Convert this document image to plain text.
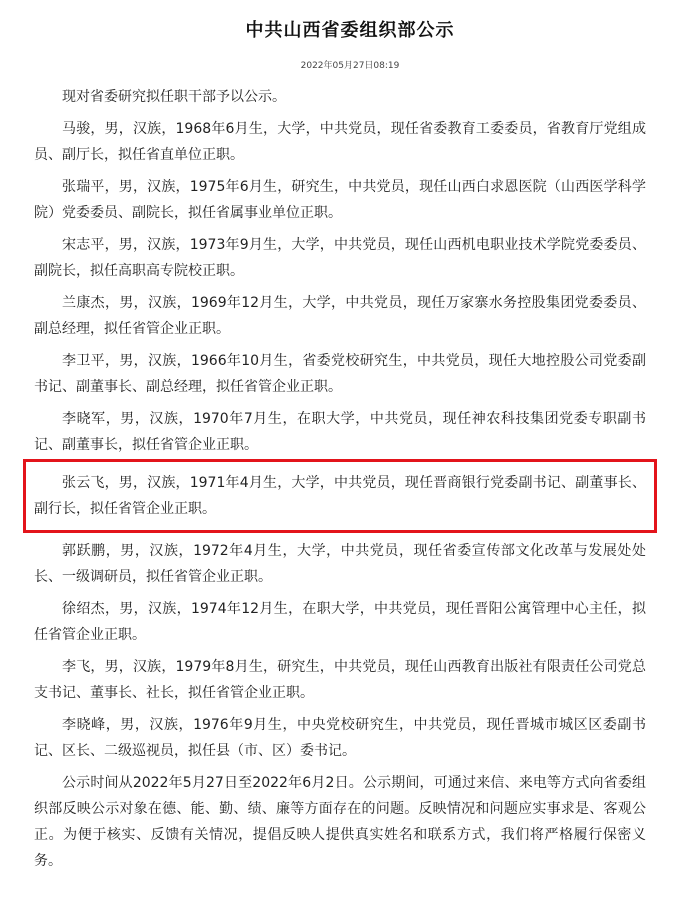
中共山西省委组织部公示
2022年05月27日08:19

现对省委研究拟任职干部予以公示。

马骏，男，汉族，1968年6月生，大学，中共党员，现任省委教育工委委员，省教育厅党组成员、副厅长，拟任省直单位正职。

张瑞平，男，汉族，1975年6月生，研究生，中共党员，现任山西白求恩医院（山西医学科学院）党委委员、副院长，拟任省属事业单位正职。

宋志平，男，汉族，1973年9月生，大学，中共党员，现任山西机电职业技术学院党委委员、副院长，拟任高职高专院校正职。

兰康杰，男，汉族，1969年12月生，大学，中共党员，现任万家寨水务控股集团党委委员、副总经理，拟任省管企业正职。

李卫平，男，汉族，1966年10月生，省委党校研究生，中共党员，现任大地控股公司党委副书记、副董事长、副总经理，拟任省管企业正职。

李晓军，男，汉族，1970年7月生，在职大学，中共党员，现任神农科技集团党委专职副书记、副董事长，拟任省管企业正职。

张云飞，男，汉族，1971年4月生，大学，中共党员，现任晋商银行党委副书记、副董事长、副行长，拟任省管企业正职。

郭跃鹏，男，汉族，1972年4月生，大学，中共党员，现任省委宣传部文化改革与发展处处长、一级调研员，拟任省管企业正职。

徐绍杰，男，汉族，1974年12月生，在职大学，中共党员，现任晋阳公寓管理中心主任，拟任省管企业正职。

李飞，男，汉族，1979年8月生，研究生，中共党员，现任山西教育出版社有限责任公司党总支书记、董事长、社长，拟任省管企业正职。

李晓峰，男，汉族，1976年9月生，中央党校研究生，中共党员，现任晋城市城区区委副书记、区长、二级巡视员，拟任县（市、区）委书记。

公示时间从2022年5月27日至2022年6月2日。公示期间，可通过来信、来电等方式向省委组织部反映公示对象在德、能、勤、绩、廉等方面存在的问题。反映情况和问题应实事求是、客观公正。为便于核实、反馈有关情况，提倡反映人提供真实姓名和联系方式，我们将严格履行保密义务。
